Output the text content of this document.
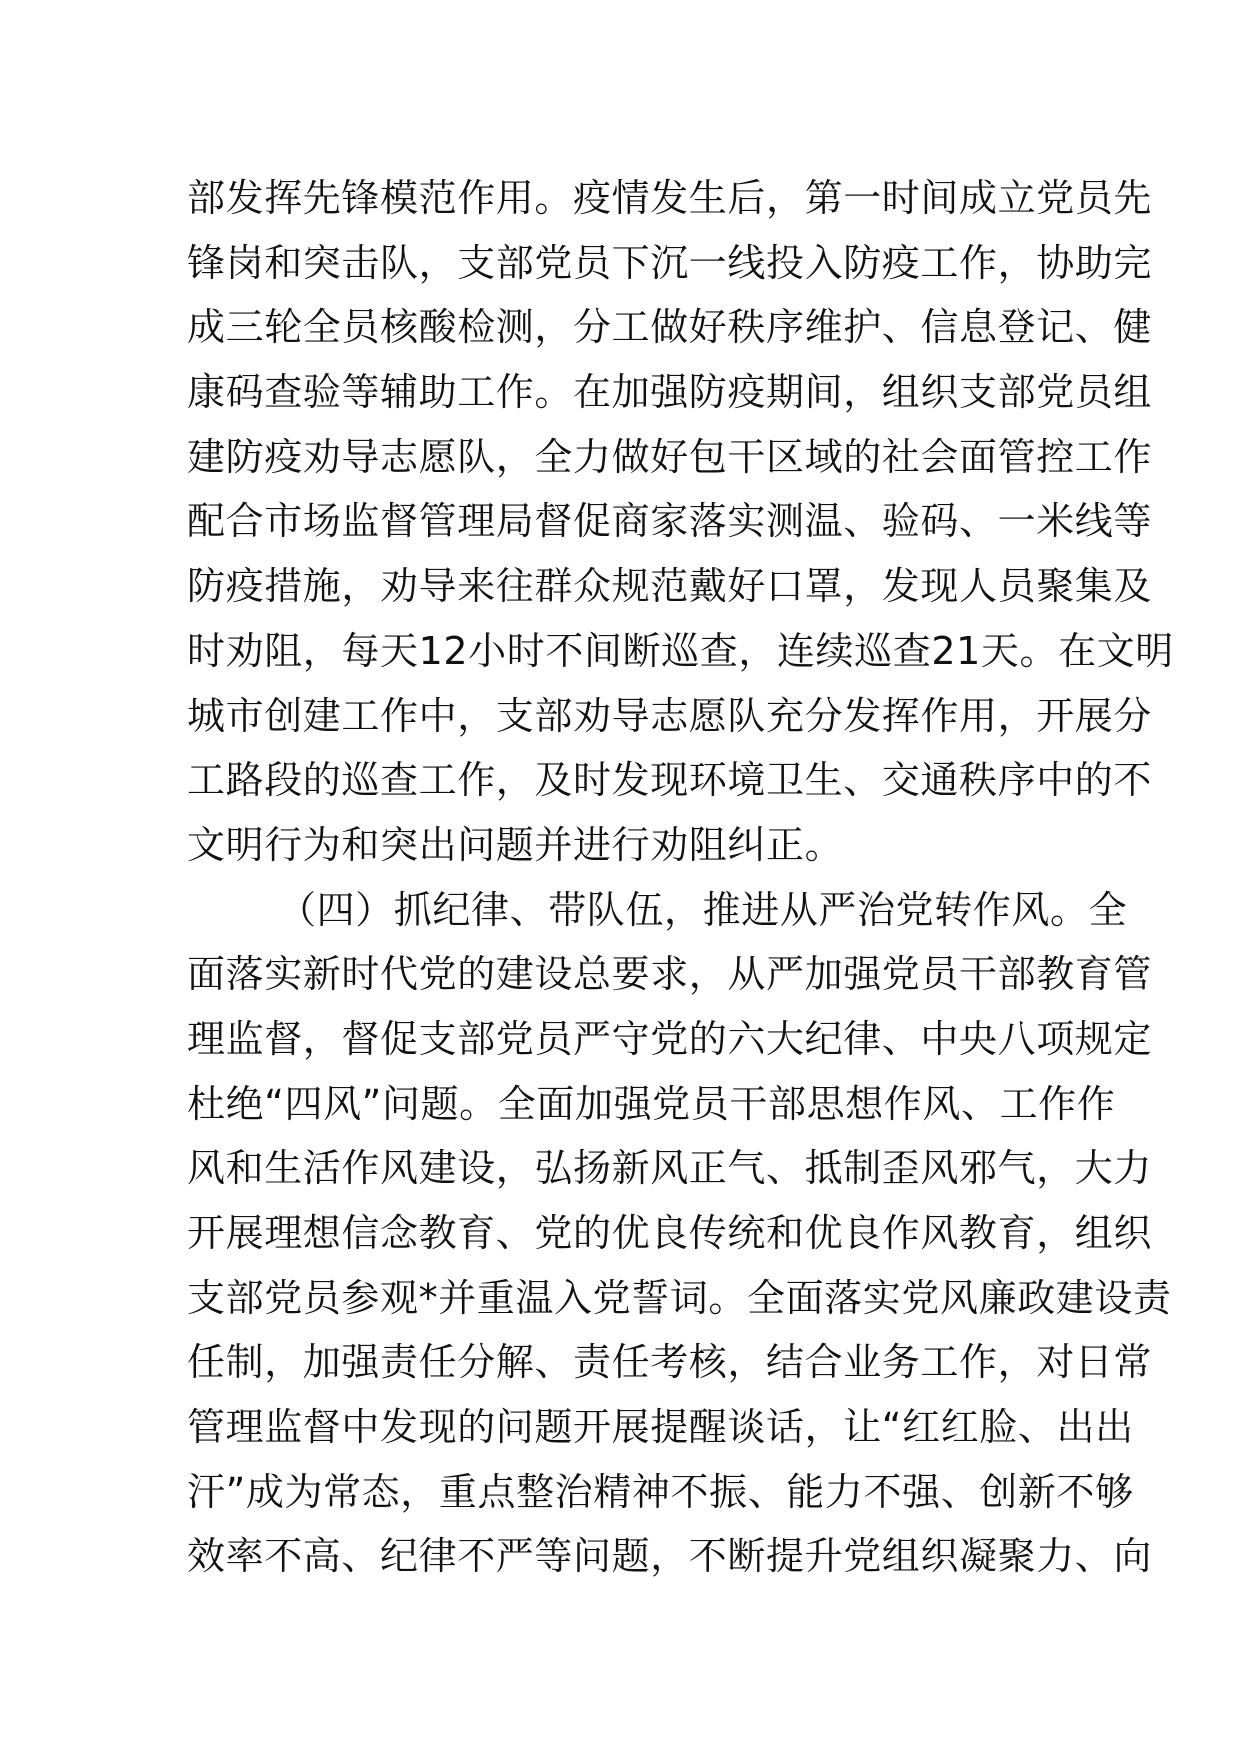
部发挥先锋模范作用。疫情发生后，第一时间成立党员先
锋岗和突击队，支部党员下沉一线投入防疫工作，协助完
成三轮全员核酸检测，分工做好秩序维护、信息登记、健
康码查验等辅助工作。在加强防疫期间，组织支部党员组
建防疫劝导志愿队，全力做好包干区域的社会面管控工作
配合市场监督管理局督促商家落实测温、验码、一米线等
防疫措施，劝导来往群众规范戴好口罩，发现人员聚集及
时劝阻，每天12小时不间断巡查，连续巡查21天。在文明
城市创建工作中，支部劝导志愿队充分发挥作用，开展分
工路段的巡查工作，及时发现环境卫生、交通秩序中的不
文明行为和突出问题并进行劝阻纠正。
（四）抓纪律、带队伍，推进从严治党转作风。全
面落实新时代党的建设总要求，从严加强党员干部教育管
理监督，督促支部党员严守党的六大纪律、中央八项规定
杜绝“四风”问题。全面加强党员干部思想作风、工作作
风和生活作风建设，弘扬新风正气、抵制歪风邪气，大力
开展理想信念教育、党的优良传统和优良作风教育，组织
支部党员参观*并重温入党誓词。全面落实党风廉政建设责
任制，加强责任分解、责任考核，结合业务工作，对日常
管理监督中发现的问题开展提醒谈话，让“红红脸、出出
汗”成为常态，重点整治精神不振、能力不强、创新不够
效率不高、纪律不严等问题，不断提升党组织凝聚力、向
